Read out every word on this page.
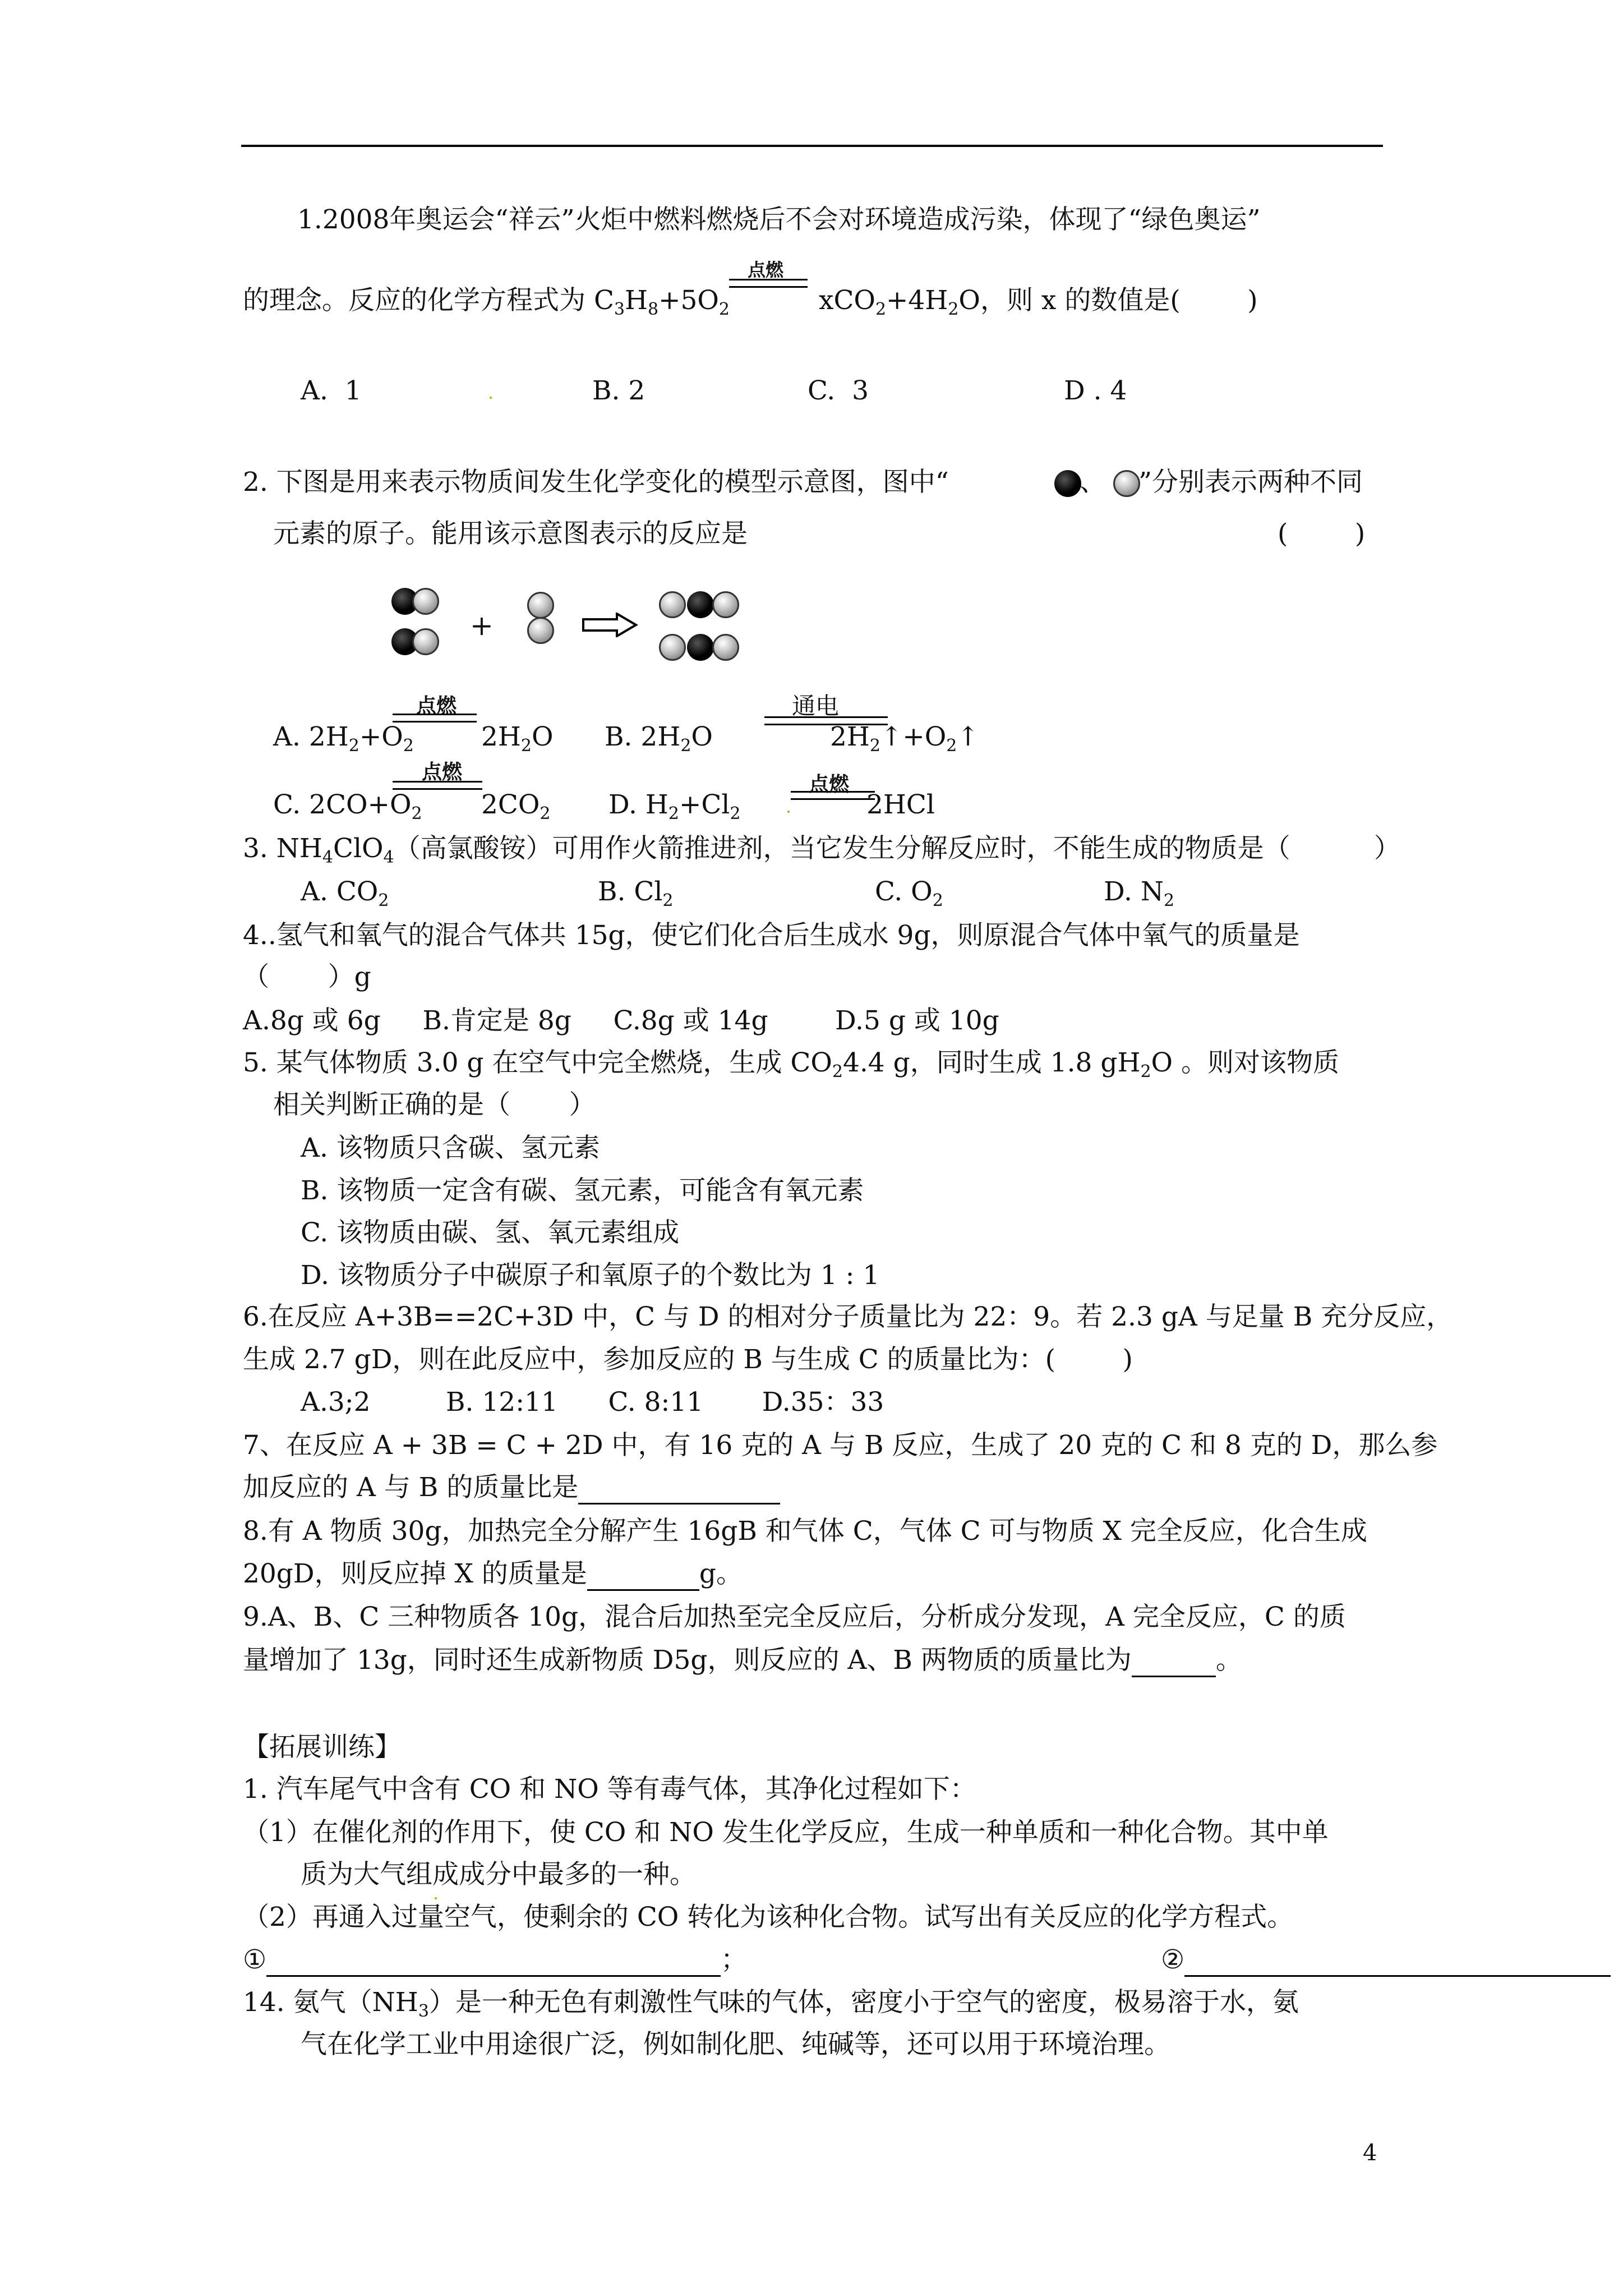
1.2008年奥运会“祥云”火炬中燃料燃烧后不会对环境造成污染，体现了“绿色奥运”
点燃
的理念。反应的化学方程式为 $C_3H_8+5O_2$	$xCO_2+4H_2O$，则 x 的数值是(        )
A.  1	B. 2	C.  3	D . 4
2. 下图是用来表示物质间发生化学变化的模型示意图，图中“	、 ”分别表示两种不同
元素的原子。能用该示意图表示的反应是	(        )
+
点燃
A. $2H_2+O_2$	$2H_2O$ B. $2H_2O$
通电
$2H_2↑+O_2↑$
点燃
C. $2CO+O_2$ $2CO_2$ D. $H_2+Cl_2$
点燃
2HCl
3. $NH_4ClO_4$（高氯酸铵）可用作火箭推进剂，当它发生分解反应时，不能生成的物质是（          ）
A. $CO_2$	B. $Cl_2$	C. $O_2$	D. $N_2$
4..氢气和氧气的混合气体共 15g，使它们化合后生成水 9g，则原混合气体中氧气的质量是
（       ）g
A.8g 或 6g     B.肯定是 8g     C.8g 或 14g        D.5 g 或 10g
5. 某气体物质 3.0 g 在空气中完全燃烧，生成 $CO_24.4$ g，同时生成 1.8 $gH_2O$ 。则对该物质
相关判断正确的是（       ）
A. 该物质只含碳、氢元素
B. 该物质一定含有碳、氢元素，可能含有氧元素
C. 该物质由碳、氢、氧元素组成
D. 该物质分子中碳原子和氧原子的个数比为 1 : 1
6.在反应 A+3B==2C+3D 中，C 与 D 的相对分子质量比为 22：9。若 2.3 gA 与足量 B 充分反应，
生成 2.7 gD，则在此反应中，参加反应的 B 与生成 C 的质量比为：(        )
A.3;2         B. 12:11      C. 8:11       D.35：33
7、在反应 A + 3B = C + 2D 中，有 16 克的 A 与 B 反应，生成了 20 克的 C 和 8 克的 D，那么参
加反应的 A 与 B 的质量比是
8.有 A 物质 30g，加热完全分解产生 16gB 和气体 C，气体 C 可与物质 X 完全反应，化合生成
20gD，则反应掉 X 的质量是	g。
9.A、B、C 三种物质各 10g，混合后加热至完全反应后，分析成分发现，A 完全反应，C 的质
量增加了 13g，同时还生成新物质 D5g，则反应的 A、B 两物质的质量比为	。
【拓展训练】
1. 汽车尾气中含有 CO 和 NO 等有毒气体，其净化过程如下：
（1）在催化剂的作用下，使 CO 和 NO 发生化学反应，生成一种单质和一种化合物。其中单
质为大气组成成分中最多的一种。
（2）再通入过量空气，使剩余的 CO 转化为该种化合物。试写出有关反应的化学方程式。
①	；	②
14. 氨气$(NH_3)$是一种无色有刺激性气味的气体，密度小于空气的密度，极易溶于水，氨
气在化学工业中用途很广泛，例如制化肥、纯碱等，还可以用于环境治理。
4
